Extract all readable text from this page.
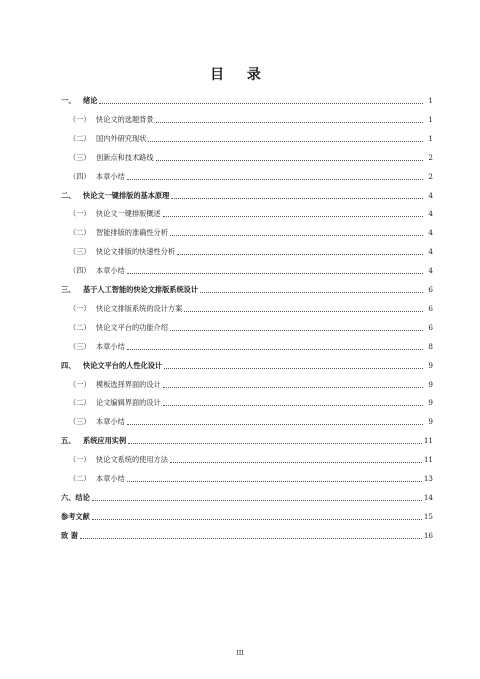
目 录
一、	绪论	1
（一） 快论文的选题背景	1
（二） 国内外研究现状	1
（三） 创新点和技术路线	2
（四） 本章小结	2
二、	快论文一键排版的基本原理	4
（一） 快论文一键排版概述	4
（二） 智能排版的准确性分析	4
（三） 快论文排版的快速性分析	4
（四） 本章小结	4
三、	基于人工智能的快论文排版系统设计	6
（一） 快论文排版系统的设计方案	6
（二） 快论文平台的功能介绍	6
（三） 本章小结	8
四、	快论文平台的人性化设计	9
（一） 模板选择界面的设计	9
（二） 论文编辑界面的设计	9
（三） 本章小结	9
五、	系统应用实例	11
（一） 快论文系统的使用方法	11
（二） 本章小结	13
六、结论	14
参考文献	15
致 谢	16
III
